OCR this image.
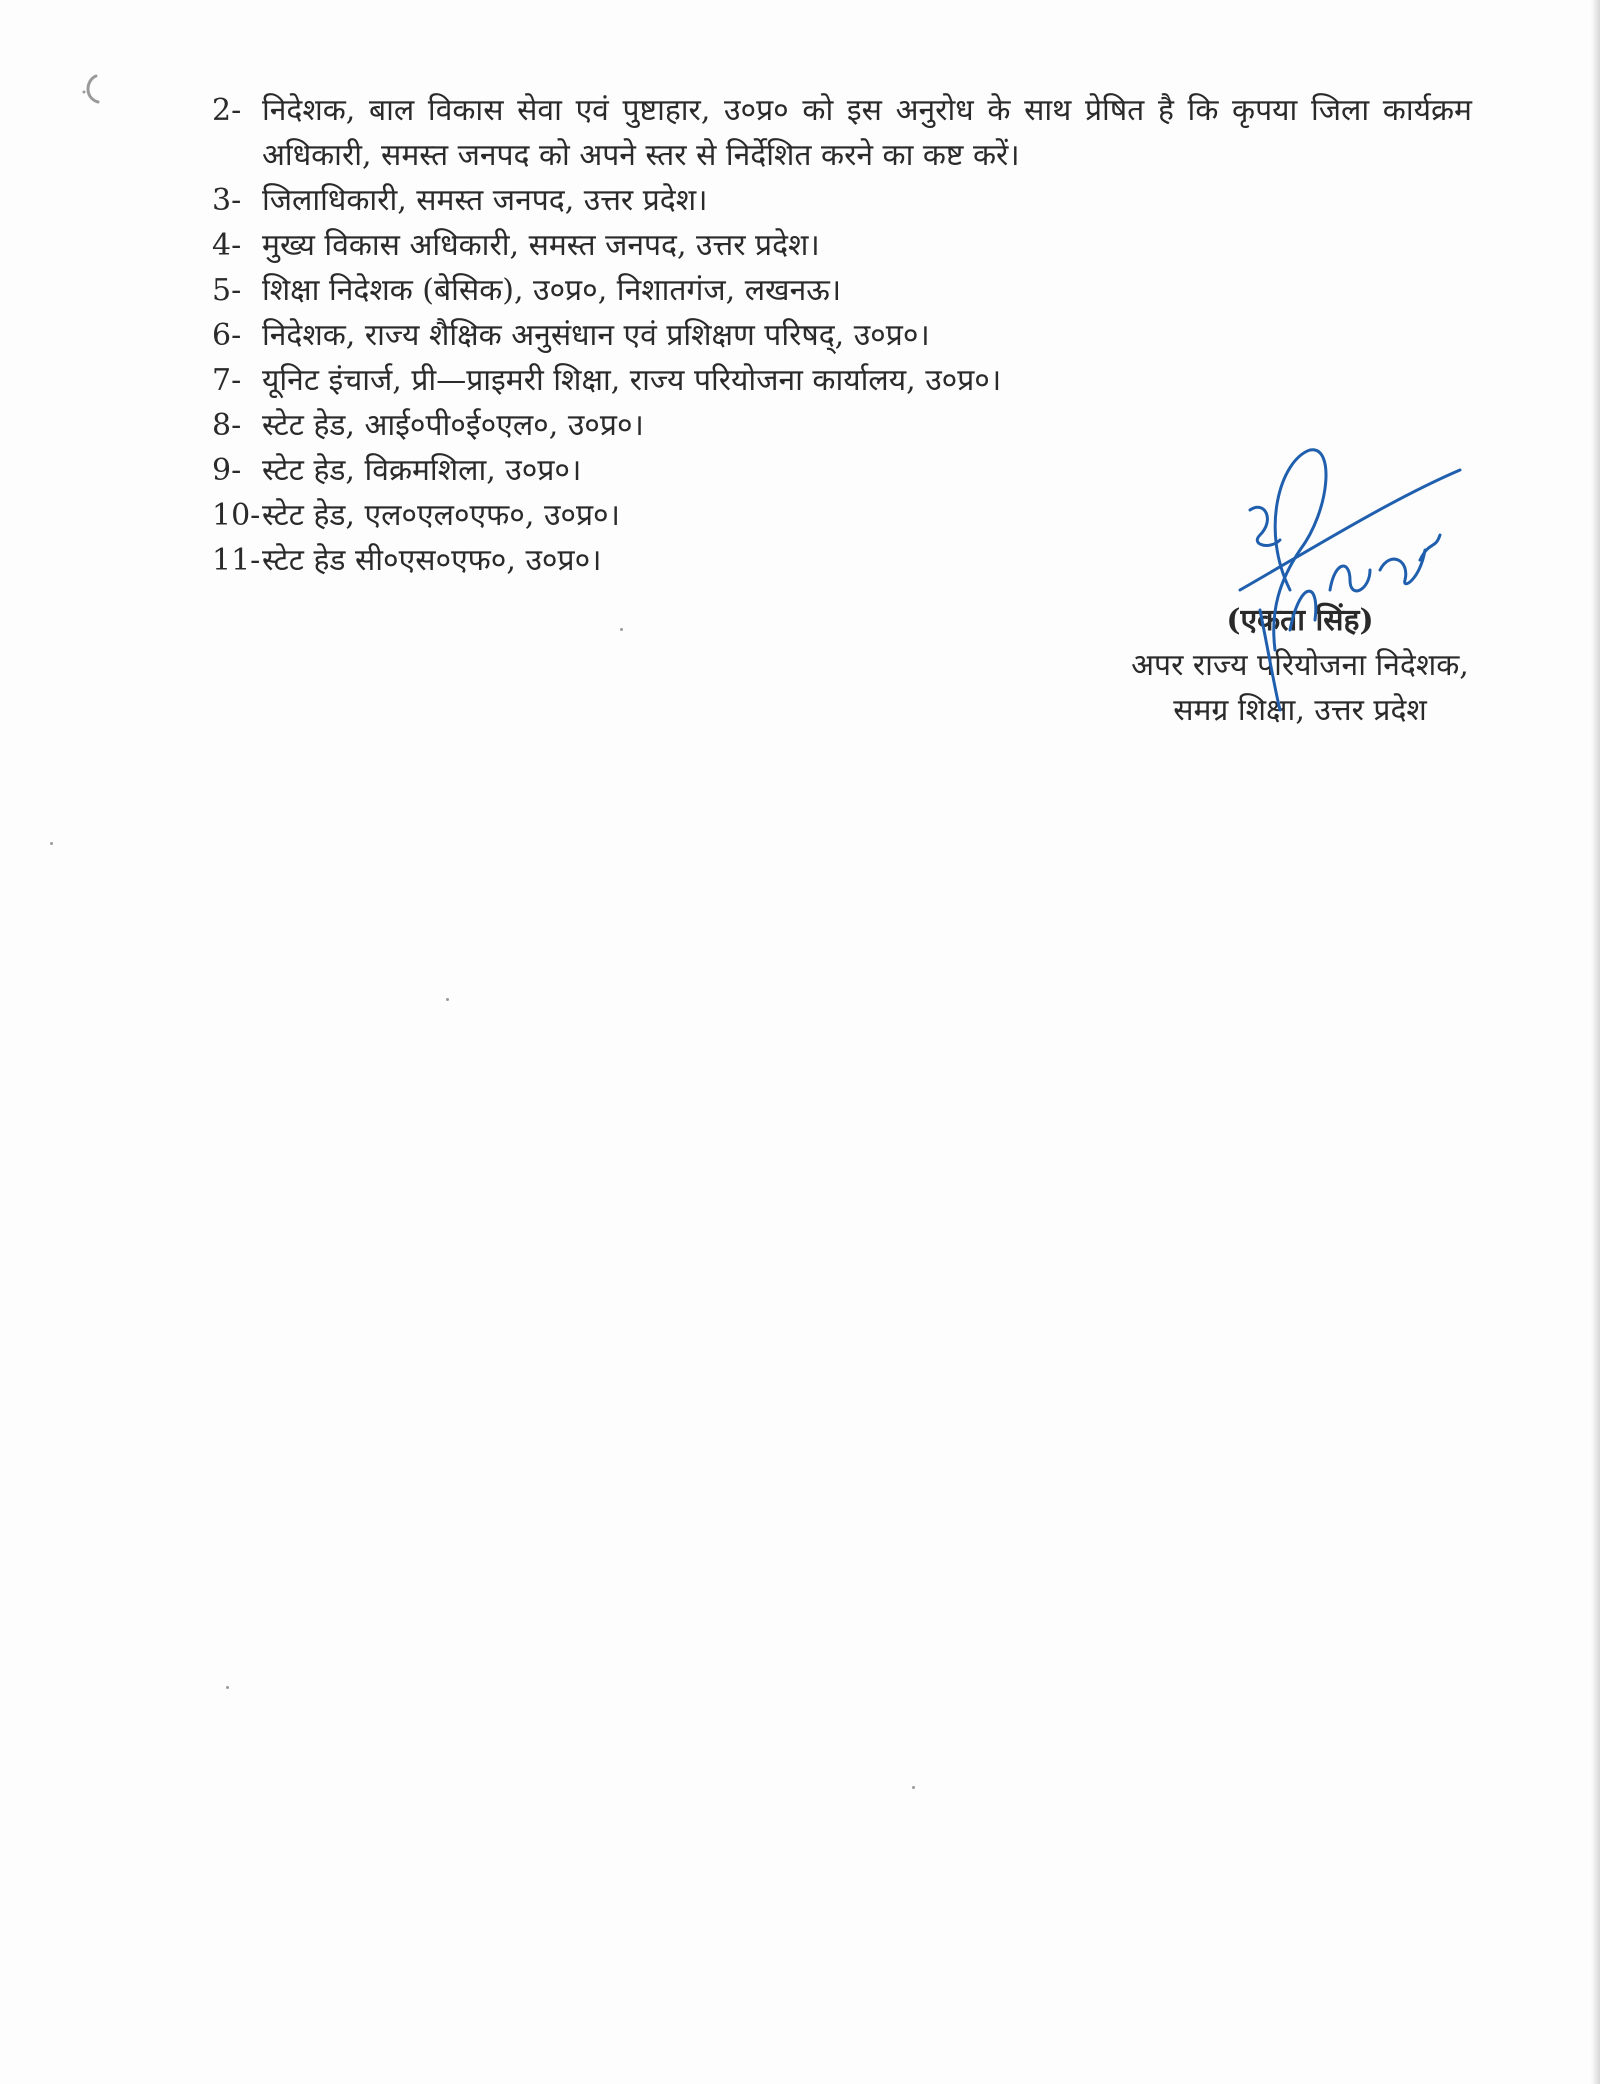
2- निदेशक, बाल विकास सेवा एवं पुष्टाहार, उ०प्र० को इस अनुरोध के साथ प्रेषित है कि कृपया जिला कार्यक्रम अधिकारी, समस्त जनपद को अपने स्तर से निर्देशित करने का कष्ट करें।
3- जिलाधिकारी, समस्त जनपद, उत्तर प्रदेश।
4- मुख्य विकास अधिकारी, समस्त जनपद, उत्तर प्रदेश।
5- शिक्षा निदेशक (बेसिक), उ०प्र०, निशातगंज, लखनऊ।
6- निदेशक, राज्य शैक्षिक अनुसंधान एवं प्रशिक्षण परिषद्, उ०प्र०।
7- यूनिट इंचार्ज, प्री—प्राइमरी शिक्षा, राज्य परियोजना कार्यालय, उ०प्र०।
8- स्टेट हेड, आई०पी०ई०एल०, उ०प्र०।
9- स्टेट हेड, विक्रमशिला, उ०प्र०।
10- स्टेट हेड, एल०एल०एफ०, उ०प्र०।
11- स्टेट हेड सी०एस०एफ०, उ०प्र०।
(एकता सिंह)
अपर राज्य परियोजना निदेशक,
समग्र शिक्षा, उत्तर प्रदेश
